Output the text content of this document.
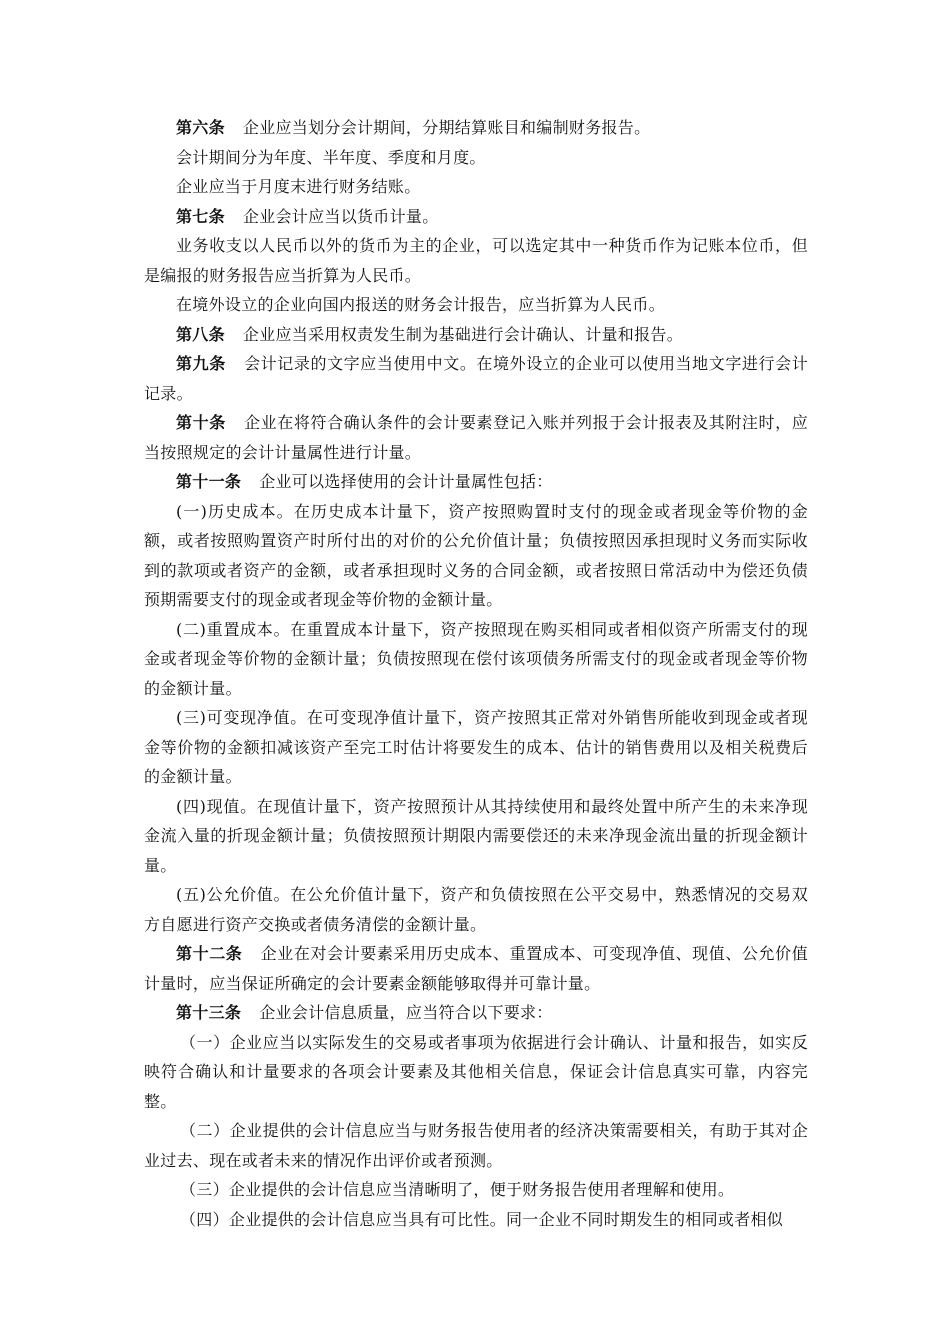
第六条 企业应当划分会计期间，分期结算账目和编制财务报告。

会计期间分为年度、半年度、季度和月度。

企业应当于月度末进行财务结账。

第七条 企业会计应当以货币计量。

业务收支以人民币以外的货币为主的企业，可以选定其中一种货币作为记账本位币，但是编报的财务报告应当折算为人民币。

在境外设立的企业向国内报送的财务会计报告，应当折算为人民币。

第八条 企业应当采用权责发生制为基础进行会计确认、计量和报告。

第九条 会计记录的文字应当使用中文。在境外设立的企业可以使用当地文字进行会计记录。

第十条 企业在将符合确认条件的会计要素登记入账并列报于会计报表及其附注时，应当按照规定的会计计量属性进行计量。

第十一条 企业可以选择使用的会计计量属性包括：

(一)历史成本。在历史成本计量下，资产按照购置时支付的现金或者现金等价物的金额，或者按照购置资产时所付出的对价的公允价值计量；负债按照因承担现时义务而实际收到的款项或者资产的金额，或者承担现时义务的合同金额，或者按照日常活动中为偿还负债预期需要支付的现金或者现金等价物的金额计量。

(二)重置成本。在重置成本计量下，资产按照现在购买相同或者相似资产所需支付的现金或者现金等价物的金额计量；负债按照现在偿付该项债务所需支付的现金或者现金等价物的金额计量。

(三)可变现净值。在可变现净值计量下，资产按照其正常对外销售所能收到现金或者现金等价物的金额扣减该资产至完工时估计将要发生的成本、估计的销售费用以及相关税费后的金额计量。

(四)现值。在现值计量下，资产按照预计从其持续使用和最终处置中所产生的未来净现金流入量的折现金额计量；负债按照预计期限内需要偿还的未来净现金流出量的折现金额计量。

(五)公允价值。在公允价值计量下，资产和负债按照在公平交易中，熟悉情况的交易双方自愿进行资产交换或者债务清偿的金额计量。

第十二条 企业在对会计要素采用历史成本、重置成本、可变现净值、现值、公允价值计量时，应当保证所确定的会计要素金额能够取得并可靠计量。

第十三条 企业会计信息质量，应当符合以下要求：

（一）企业应当以实际发生的交易或者事项为依据进行会计确认、计量和报告，如实反映符合确认和计量要求的各项会计要素及其他相关信息，保证会计信息真实可靠，内容完整。

（二）企业提供的会计信息应当与财务报告使用者的经济决策需要相关，有助于其对企业过去、现在或者未来的情况作出评价或者预测。

（三）企业提供的会计信息应当清晰明了，便于财务报告使用者理解和使用。

（四）企业提供的会计信息应当具有可比性。同一企业不同时期发生的相同或者相似
